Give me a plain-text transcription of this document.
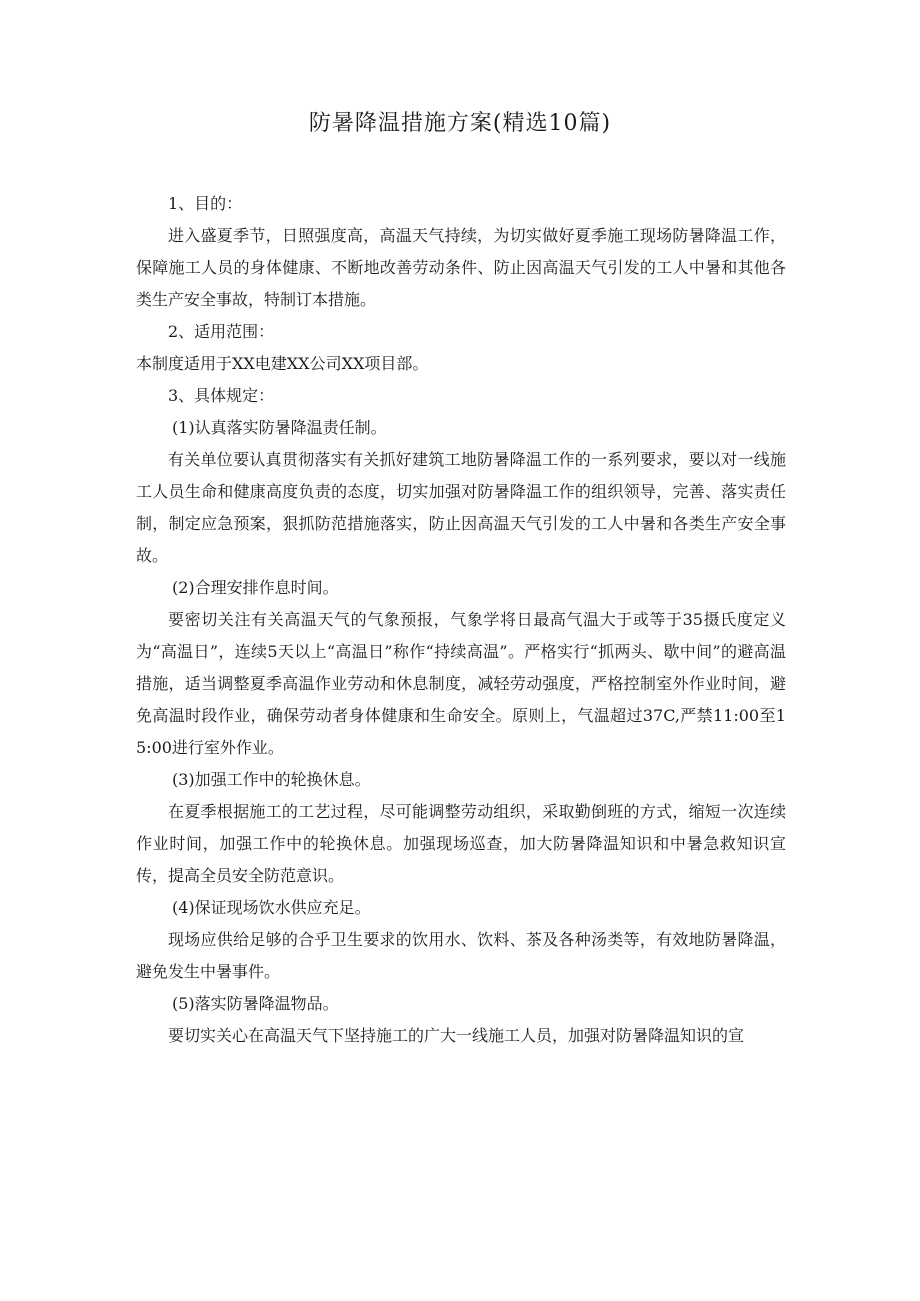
防暑降温措施方案(精选10篇)

1、目的：

进入盛夏季节，日照强度高，高温天气持续，为切实做好夏季施工现场防暑降温工作，保障施工人员的身体健康、不断地改善劳动条件、防止因高温天气引发的工人中暑和其他各类生产安全事故，特制订本措施。

2、适用范围：

本制度适用于XX电建XX公司XX项目部。

3、具体规定：

(1)认真落实防暑降温责任制。

有关单位要认真贯彻落实有关抓好建筑工地防暑降温工作的一系列要求，要以对一线施工人员生命和健康高度负责的态度，切实加强对防暑降温工作的组织领导，完善、落实责任制，制定应急预案，狠抓防范措施落实，防止因高温天气引发的工人中暑和各类生产安全事故。

(2)合理安排作息时间。

要密切关注有关高温天气的气象预报，气象学将日最高气温大于或等于35摄氏度定义为“高温日”，连续5天以上“高温日”称作“持续高温”。严格实行“抓两头、歇中间”的避高温措施，适当调整夏季高温作业劳动和休息制度，减轻劳动强度，严格控制室外作业时间，避免高温时段作业，确保劳动者身体健康和生命安全。原则上，气温超过37C,严禁11:00至15:00进行室外作业。

(3)加强工作中的轮换休息。

在夏季根据施工的工艺过程，尽可能调整劳动组织，采取勤倒班的方式，缩短一次连续作业时间，加强工作中的轮换休息。加强现场巡查，加大防暑降温知识和中暑急救知识宣传，提高全员安全防范意识。

(4)保证现场饮水供应充足。

现场应供给足够的合乎卫生要求的饮用水、饮料、茶及各种汤类等，有效地防暑降温，避免发生中暑事件。

(5)落实防暑降温物品。

要切实关心在高温天气下坚持施工的广大一线施工人员，加强对防暑降温知识的宣
